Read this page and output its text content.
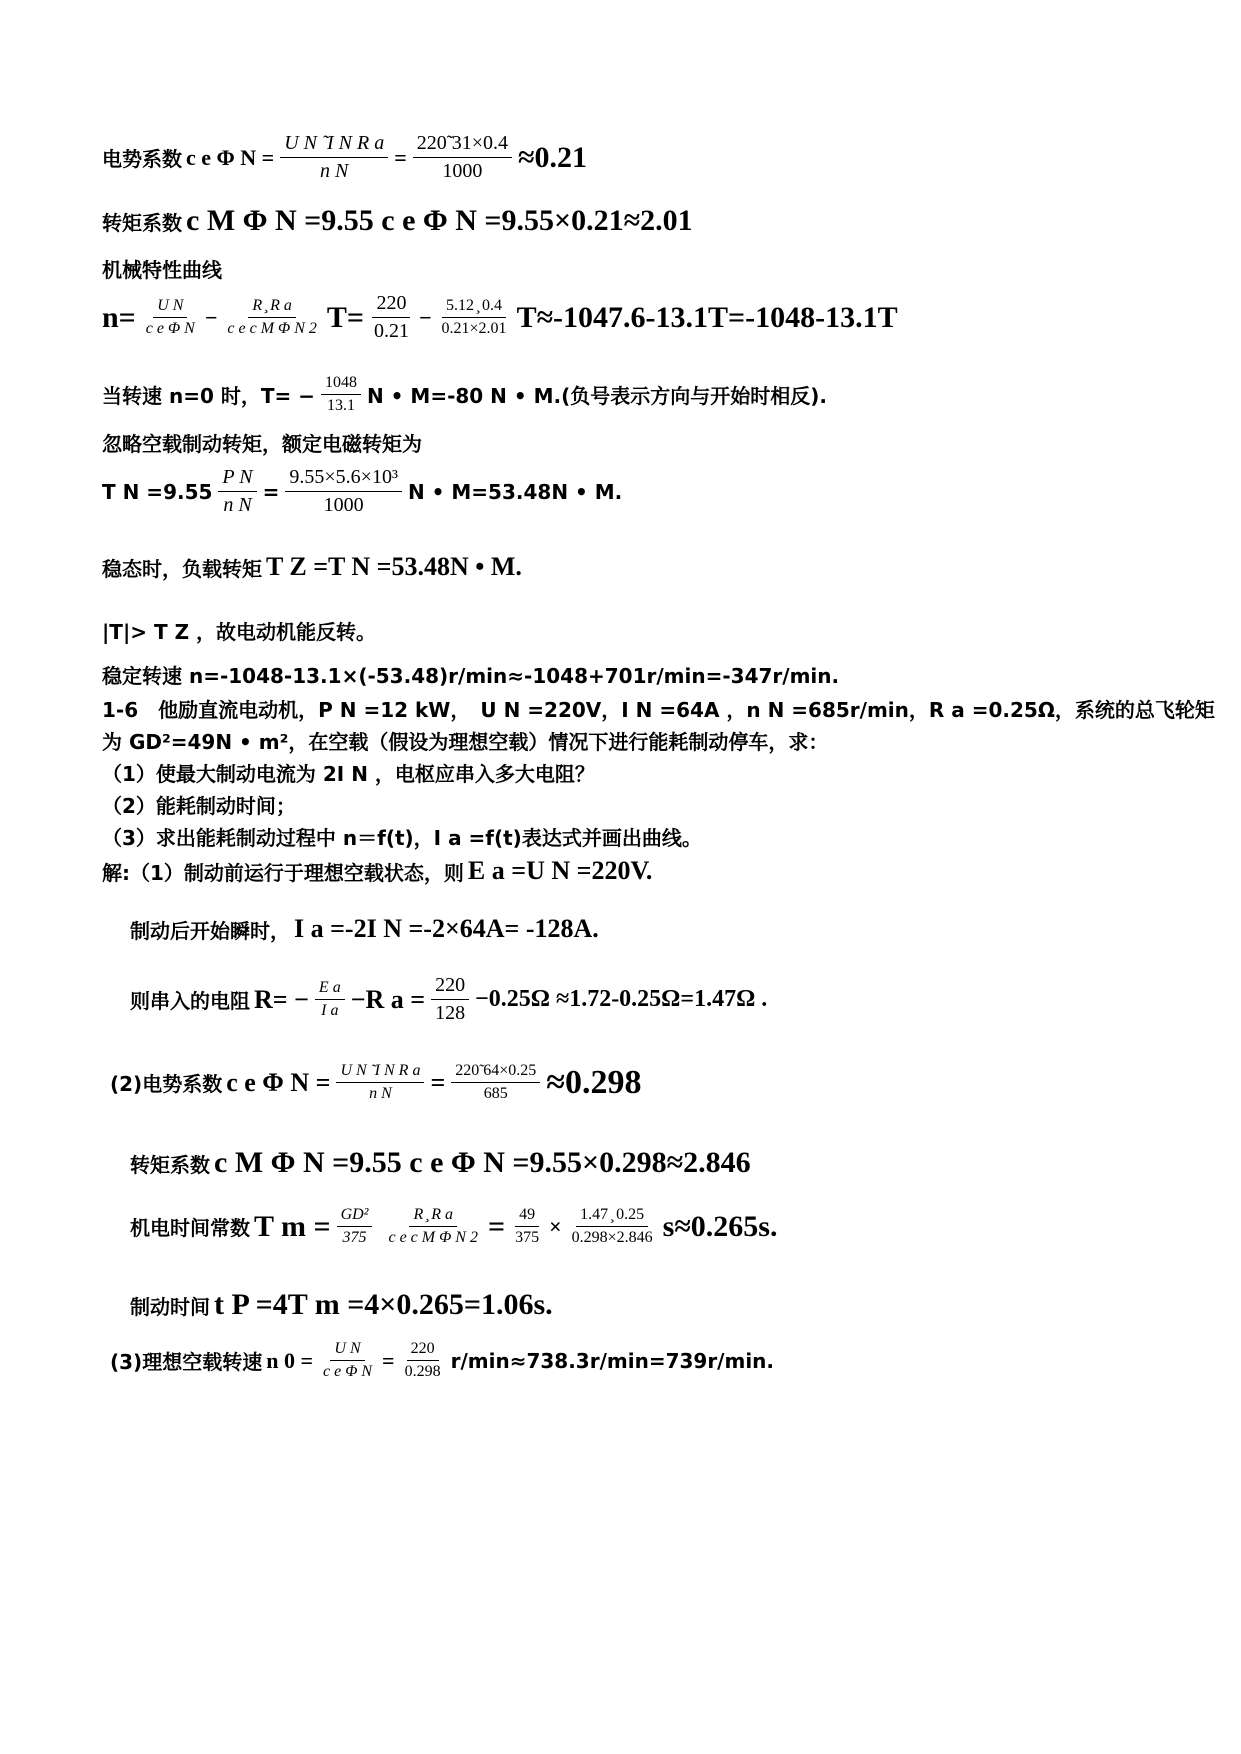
电势系数 c e Φ $N = \frac{\text{U N ̃ I N R a}}{\text{n N}} = \frac{220̃ 31\times 0.4}{1000} \approx 0.21$
转矩系数 c M Φ N =9.55 c e Φ N =9.55×0.21≈2.01
机械特性曲线
$n= \frac{\text{U N}}{\text{c e Φ N}} - \frac{\text{R ̧ R a}}{\text{c e c M Φ N 2}} T= \frac{220}{0.21} - \frac{5.12 ̧ 0.4}{0.21\times 2.01} T\approx-1047.6-13.1T=-1048-13.1T$
当转速 n=0 时，$T= - \frac{1048}{13.1}$ N • M=-80 N • M.(负号表示方向与开始时相反).
忽略空载制动转矩，额定电磁转矩为
T $N =9.55 \frac{\text{P N}}{\text{n N}} = \frac{\text{9.55×5.6×10³}}{1000}$ N • M=53.48N • M.
稳态时，负载转矩 T Z =T N =53.48N • M.
|T|> T Z ，故电动机能反转。
稳定转速 n=-1048-13.1×(-53.48)r/min≈-1048+701r/min=-347r/min.
1-6　他励直流电动机，P N =12 kW，　U N =220V，I N =64A ，n N =685r/min，R a =0.25Ω，系统的总飞轮矩
为 GD²=49N • m²，在空载（假设为理想空载）情况下进行能耗制动停车，求：
（1）使最大制动电流为 2I N ，电枢应串入多大电阻？
（2）能耗制动时间；
（3）求出能耗制动过程中 n＝f(t)，I a =f(t)表达式并画出曲线。
解:（1）制动前运行于理想空载状态，则 E a =U N =220V.
制动后开始瞬时， I a =-2I N =-2×64A= -128A.
则串入的电阻 $R= - \frac{\text{E a}}{\text{I a}} -R$ $a = \frac{220}{128} -0.25\Omega \approx 1.72-0.25\Omega=1.47\Omega$ .
(2)电势系数 c e Φ $N = \frac{\text{U N ̃ I N R a}}{\text{n N}} = \frac{220̃ 64\times 0.25}{685} \approx 0.298$
转矩系数 c M Φ N =9.55 c e Φ N =9.55×0.298≈2.846
机电时间常数 T $m = \frac{\text{GD²}}{375} \frac{\text{R ̧ R a}}{\text{c e c M Φ N 2}} = \frac{49}{375} \times \frac{1.47 ̧ 0.25}{0.298\times 2.846} s\approx 0.265s$.
制动时间 t P =4T m =4×0.265=1.06s.
(3)理想空载转速 n $0 = \frac{\text{U N}}{\text{c e Φ N}} = \frac{220}{0.298} r/\min\approx 738.3r/\min=739r/\min$.
